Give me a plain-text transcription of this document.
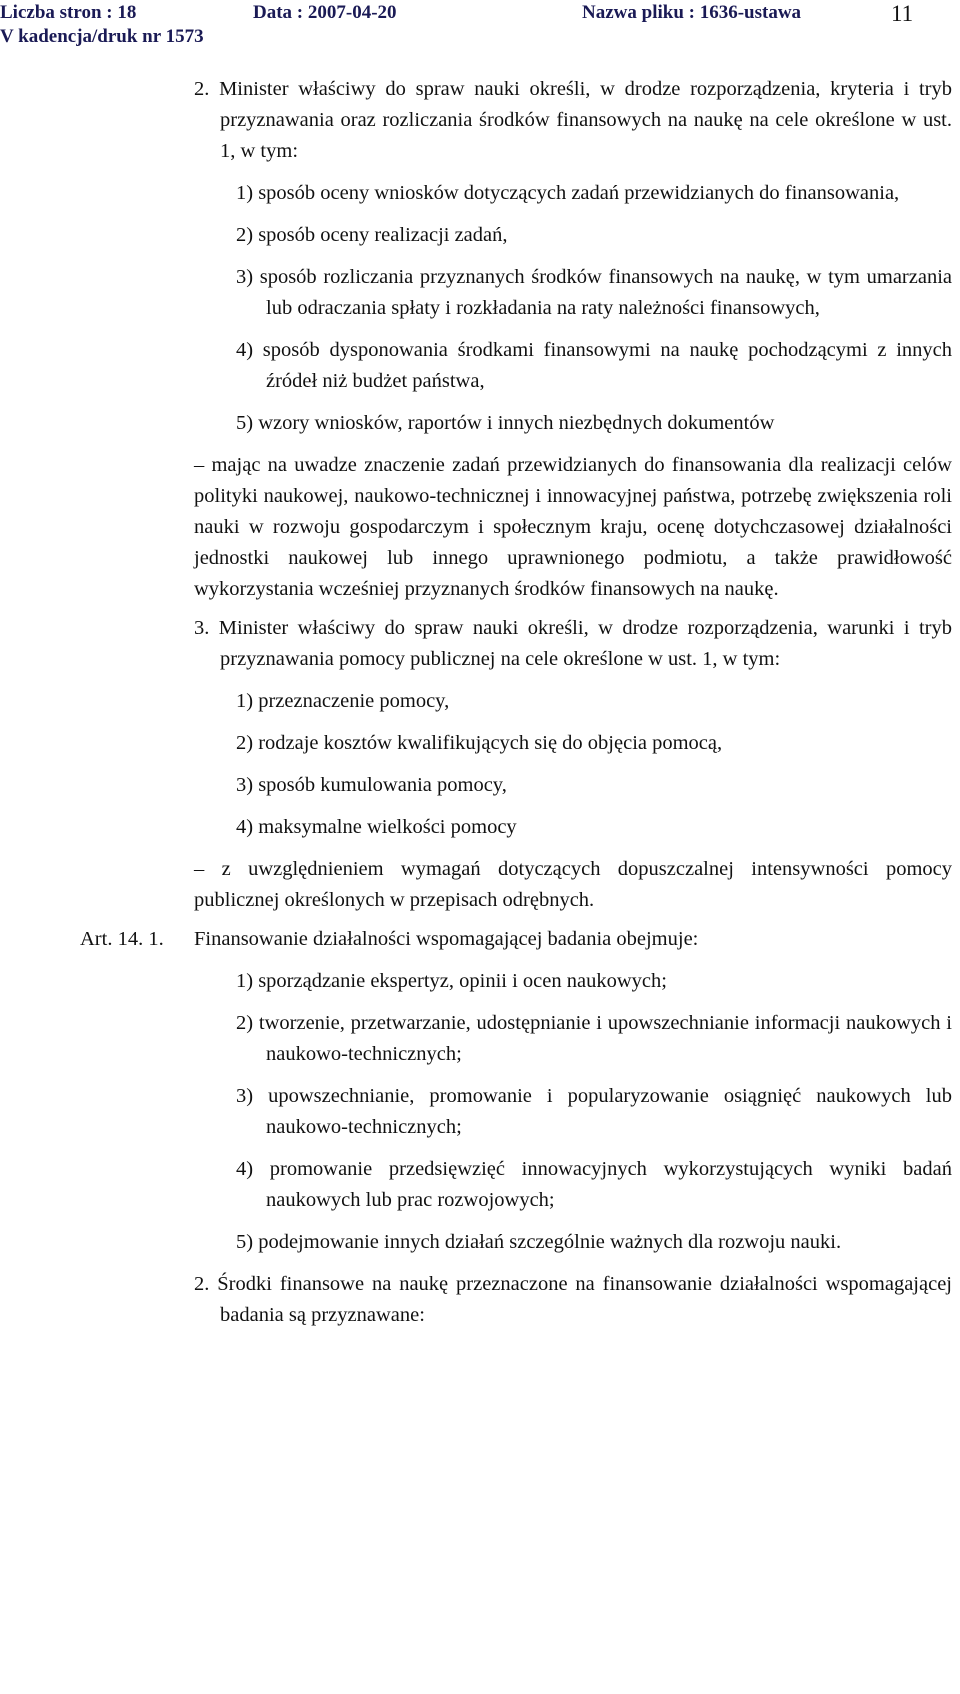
Liczba stron : 18	Data : 2007-04-20	Nazwa pliku : 1636-ustawa
V kadencja/druk nr 1573
11
2. Minister właściwy do spraw nauki określi, w drodze rozporządzenia, kryteria i tryb przyznawania oraz rozliczania środków finansowych na naukę na cele określone w ust. 1, w tym:
1) sposób oceny wniosków dotyczących zadań przewidzianych do finansowania,
2) sposób oceny realizacji zadań,
3) sposób rozliczania przyznanych środków finansowych na naukę, w tym umarzania lub odraczania spłaty i rozkładania na raty należności finansowych,
4) sposób dysponowania środkami finansowymi na naukę pochodzącymi z innych źródeł niż budżet państwa,
5) wzory wniosków, raportów i innych niezbędnych dokumentów
– mając na uwadze znaczenie zadań przewidzianych do finansowania dla realizacji celów polityki naukowej, naukowo-technicznej i innowacyjnej państwa, potrzebę zwiększenia roli nauki w rozwoju gospodarczym i społecznym kraju, ocenę dotychczasowej działalności jednostki naukowej lub innego uprawnionego podmiotu, a także prawidłowość wykorzystania wcześniej przyznanych środków finansowych na naukę.
3. Minister właściwy do spraw nauki określi, w drodze rozporządzenia, warunki i tryb przyznawania pomocy publicznej na cele określone w ust. 1, w tym:
1) przeznaczenie pomocy,
2) rodzaje kosztów kwalifikujących się do objęcia pomocą,
3) sposób kumulowania pomocy,
4) maksymalne wielkości pomocy
– z uwzględnieniem wymagań dotyczących dopuszczalnej intensywności pomocy publicznej określonych w przepisach odrębnych.
Art. 14. 1. Finansowanie działalności wspomagającej badania obejmuje:
1) sporządzanie ekspertyz, opinii i ocen naukowych;
2) tworzenie, przetwarzanie, udostępnianie i upowszechnianie informacji naukowych i naukowo-technicznych;
3) upowszechnianie, promowanie i popularyzowanie osiągnięć naukowych lub naukowo-technicznych;
4) promowanie przedsięwzięć innowacyjnych wykorzystujących wyniki badań naukowych lub prac rozwojowych;
5) podejmowanie innych działań szczególnie ważnych dla rozwoju nauki.
2. Środki finansowe na naukę przeznaczone na finansowanie działalności wspomagającej badania są przyznawane:
